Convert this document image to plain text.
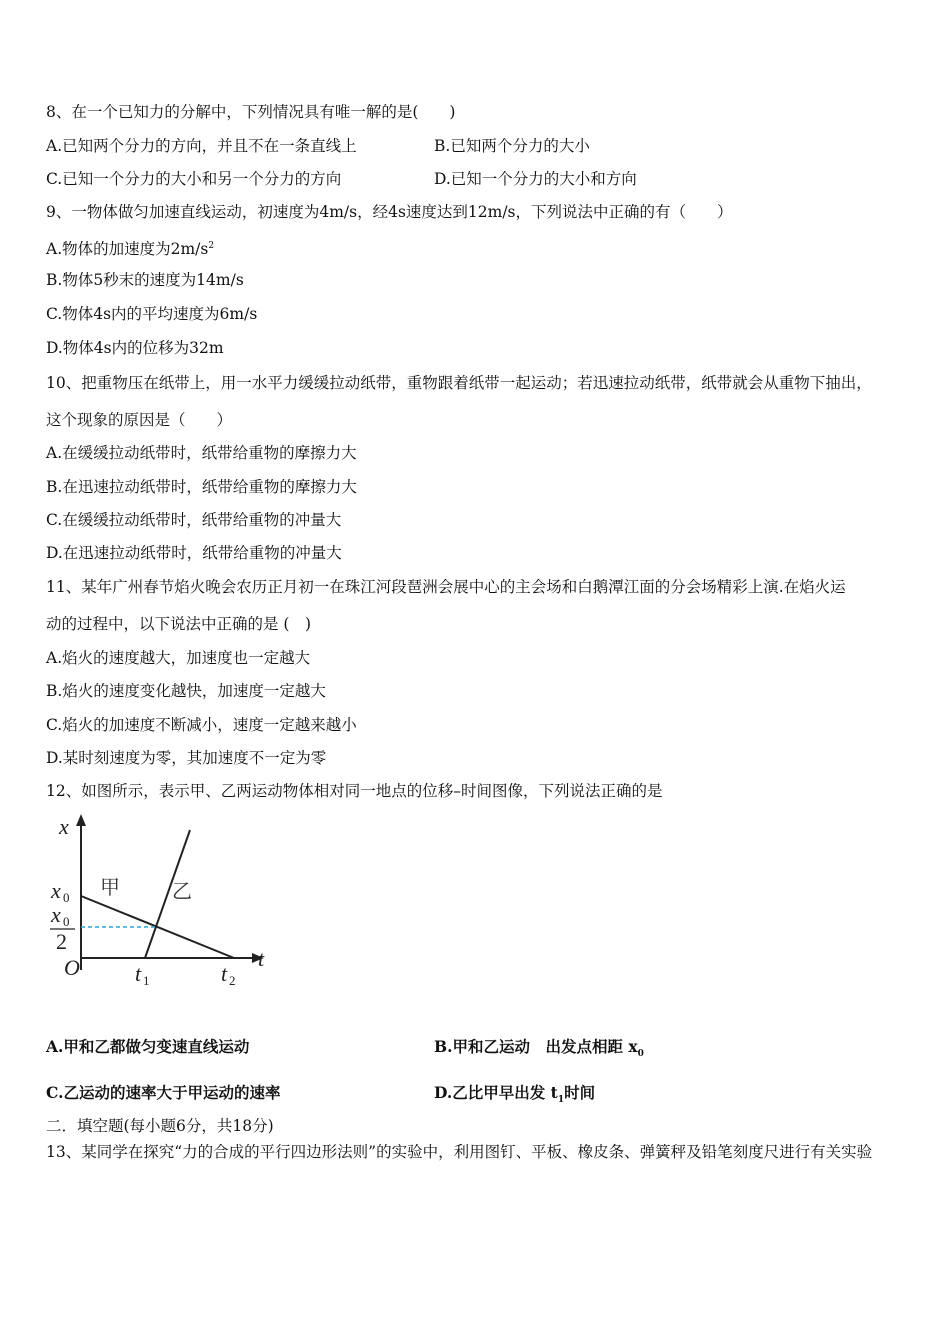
8、在一个已知力的分解中，下列情况具有唯一解的是(　　)
A.已知两个分力的方向，并且不在一条直线上	B.已知两个分力的大小
C.已知一个分力的大小和另一个分力的方向	D.已知一个分力的大小和方向
9、一物体做匀加速直线运动，初速度为4m/s，经4s速度达到12m/s，下列说法中正确的有（　　）
A.物体的加速度为$2m/s^2$
B.物体5秒末的速度为14m/s
C.物体4s内的平均速度为6m/s
D.物体4s内的位移为32m
10、把重物压在纸带上，用一水平力缓缓拉动纸带，重物跟着纸带一起运动；若迅速拉动纸带，纸带就会从重物下抽出，
这个现象的原因是（　　）
A.在缓缓拉动纸带时，纸带给重物的摩擦力大
B.在迅速拉动纸带时，纸带给重物的摩擦力大
C.在缓缓拉动纸带时，纸带给重物的冲量大
D.在迅速拉动纸带时，纸带给重物的冲量大
11、某年广州春节焰火晚会农历正月初一在珠江河段琶洲会展中心的主会场和白鹅潭江面的分会场精彩上演.在焰火运
动的过程中，以下说法中正确的是 (　)
A.焰火的速度越大，加速度也一定越大
B.焰火的速度变化越快，加速度一定越大
C.焰火的加速度不断减小，速度一定越来越小
D.某时刻速度为零，其加速度不一定为零
12、如图所示，表示甲、乙两运动物体相对同一地点的位移–时间图像，下列说法正确的是
x
t
O
甲	乙
x 0
x 0
2
t 1	t 2
A.甲和乙都做匀变速直线运动	B.甲和乙运动　出发点相距 $x_0$
C.乙运动的速率大于甲运动的速率	D.乙比甲早出发 $t_1$时间
二．填空题(每小题6分，共18分)
13、某同学在探究“力的合成的平行四边形法则”的实验中，利用图钉、平板、橡皮条、弹簧秤及铅笔刻度尺进行有关实验
